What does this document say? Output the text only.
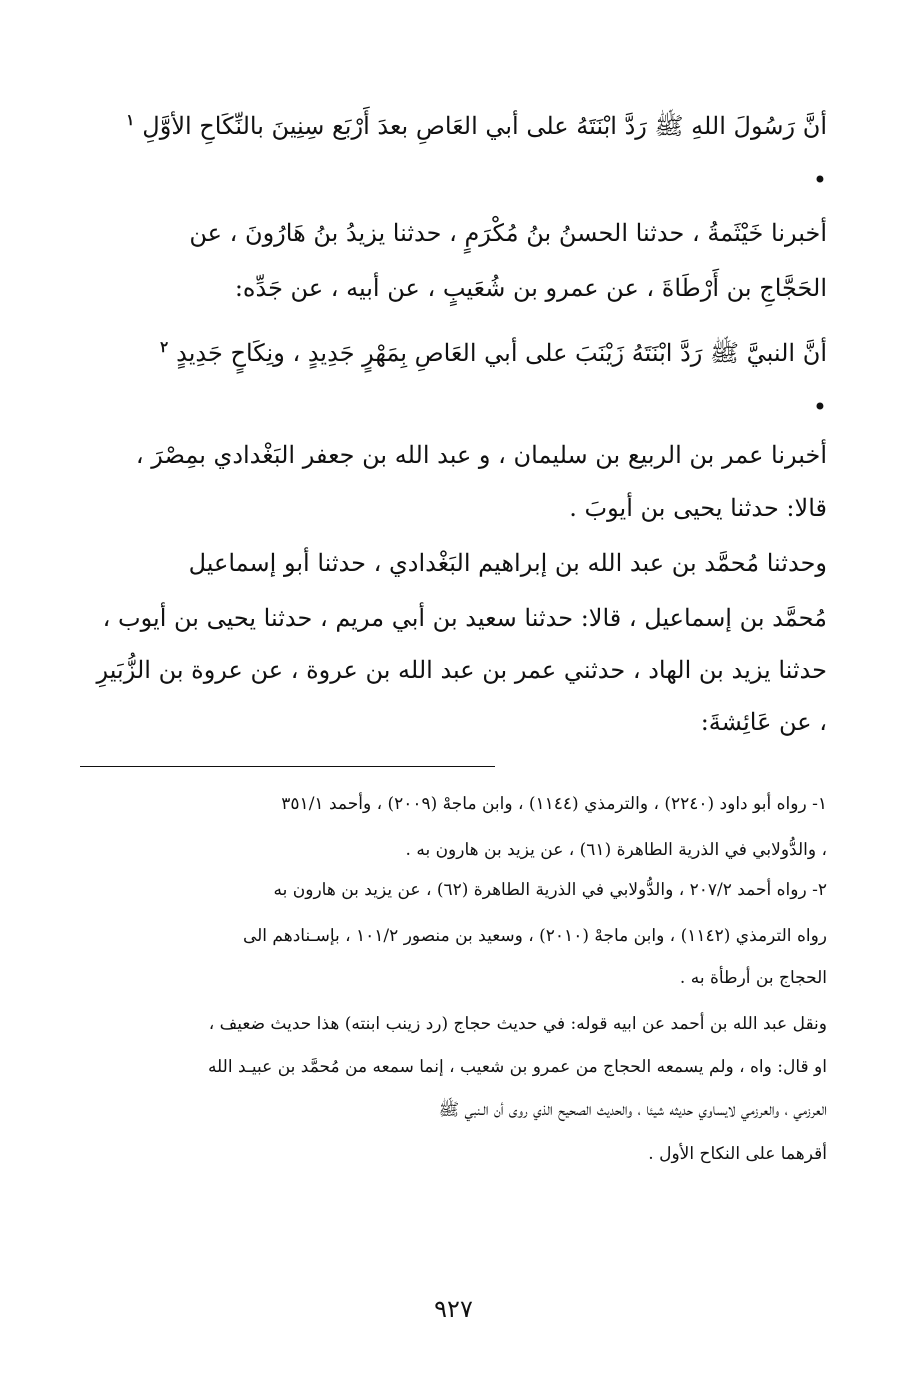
أنَّ رَسُولَ اللهِ ﷺ رَدَّ ابْنَتَهُ على أبي العَاصِ بعدَ أَرْبَع سِنِينَ بالنِّكَاحِ الأوَّلِ$^١$
•
أخبرنا خَيْثَمةُ ، حدثنا الحسنُ بنُ مُكْرَمٍ ، حدثنا يزيدُ بنُ هَارُونَ ، عن
الحَجَّاجِ بن أَرْطَاةَ ، عن عمرو بن شُعَيبٍ ، عن أبيه ، عن جَدِّه:
أنَّ النبيَّ ﷺ رَدَّ ابْنَتَهُ زَيْنَبَ على أبي العَاصِ بِمَهْرٍ جَدِيدٍ ، ونِكَاحٍ جَدِيدٍ$^٢$
•
أخبرنا عمر بن الربيع بن سليمان ، و عبد الله بن جعفر البَغْدادي بمِصْرَ ،
قالا: حدثنا يحيى بن أيوبَ .
وحدثنا مُحمَّد بن عبد الله بن إبراهيم البَغْدادي ، حدثنا أبو إسماعيل
مُحمَّد بن إسماعيل ، قالا: حدثنا سعيد بن أبي مريم ، حدثنا يحيى بن أيوب ،
حدثنا يزيد بن الهاد ، حدثني عمر بن عبد الله بن عروة ، عن عروة بن الزُّبَيرِ
، عن عَائِشةَ:
١- رواه أبو داود (٢٢٤٠) ، والترمذي (١١٤٤) ، وابن ماجهْ (٢٠٠٩) ، وأحمد ٣٥١/١
، والدُّولابي في الذرية الطاهرة (٦١) ، عن يزيد بن هارون به .
٢- رواه أحمد ٢٠٧/٢ ، والدُّولابي في الذرية الطاهرة (٦٢) ، عن يزيد بن هارون به
رواه الترمذي (١١٤٢) ، وابن ماجهْ (٢٠١٠) ، وسعيد بن منصور ١٠١/٢ ، بإسـنادهم الى
الحجاج بن أرطأة به .
ونقل عبد الله بن أحمد عن ابيه قوله: في حديث حجاج (رد زينب ابنته) هذا حديث ضعيف ،
او قال: واه ، ولم يسمعه الحجاج من عمرو بن شعيب ، إنما سمعه من مُحمَّد بن عبيـد الله
العرزمي ، والعرزمي لايساوي حديثه شيئا ، والحديث الصحيح الذي روى أن الـنبي ﷺ
أقرهما على النكاح الأول .
٩٢٧
